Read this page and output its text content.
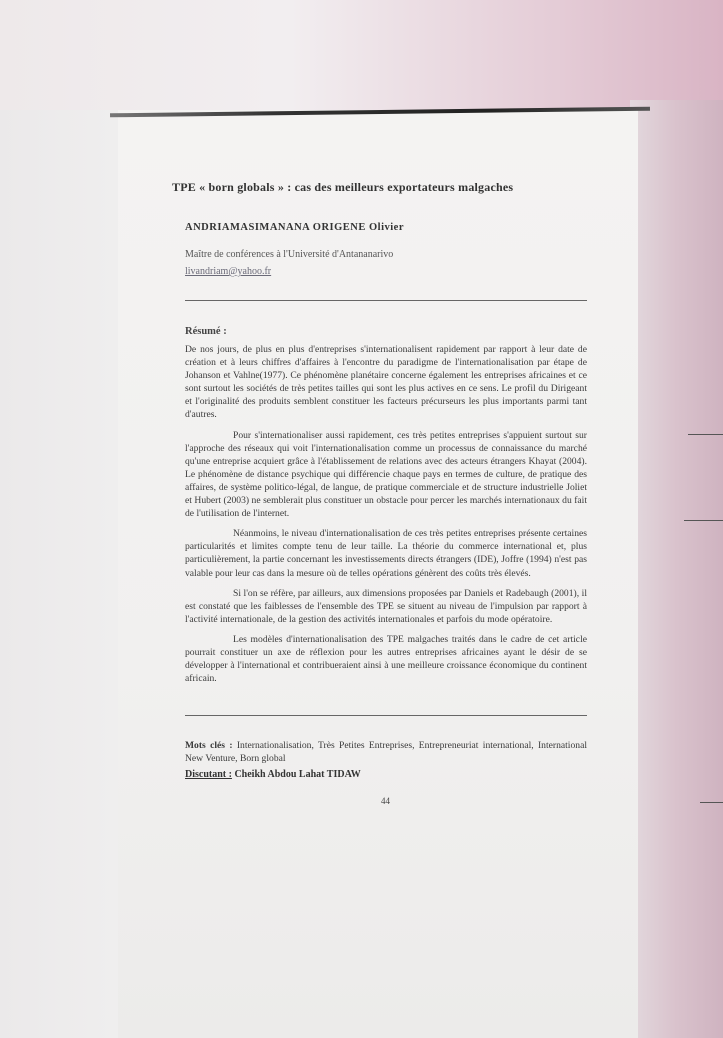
TPE « born globals » : cas des meilleurs exportateurs malgaches
ANDRIAMASIMANANA ORIGENE Olivier
Maître de conférences à l'Université d'Antananarivo
livandriam@yahoo.fr
Résumé :

De nos jours, de plus en plus d'entreprises s'internationalisent rapidement par rapport à leur date de création et à leurs chiffres d'affaires à l'encontre du paradigme de l'internationalisation par étape de Johanson et Vahlne(1977). Ce phénomène planétaire concerne également les entreprises africaines et ce sont surtout les sociétés de très petites tailles qui sont les plus actives en ce sens. Le profil du Dirigeant et l'originalité des produits semblent constituer les facteurs précurseurs les plus importants parmi tant d'autres.

Pour s'internationaliser aussi rapidement, ces très petites entreprises s'appuient surtout sur l'approche des réseaux qui voit l'internationalisation comme un processus de connaissance du marché qu'une entreprise acquiert grâce à l'établissement de relations avec des acteurs étrangers Khayat (2004). Le phénomène de distance psychique qui différencie chaque pays en termes de culture, de pratique des affaires, de système politico-légal, de langue, de pratique commerciale et de structure industrielle Joliet et Hubert (2003) ne semblerait plus constituer un obstacle pour percer les marchés internationaux du fait de l'utilisation de l'internet.

Néanmoins, le niveau d'internationalisation de ces très petites entreprises présente certaines particularités et limites compte tenu de leur taille. La théorie du commerce international et, plus particulièrement, la partie concernant les investissements directs étrangers (IDE), Joffre (1994) n'est pas valable pour leur cas dans la mesure où de telles opérations génèrent des coûts très élevés.

Si l'on se réfère, par ailleurs, aux dimensions proposées par Daniels et Radebaugh (2001), il est constaté que les faiblesses de l'ensemble des TPE se situent au niveau de l'impulsion par rapport à l'activité internationale, de la gestion des activités internationales et parfois du mode opératoire.

Les modèles d'internationalisation des TPE malgaches traités dans le cadre de cet article pourrait constituer un axe de réflexion pour les autres entreprises africaines ayant le désir de se développer à l'international et contribueraient ainsi à une meilleure croissance économique du continent africain.

Mots clés : Internationalisation, Très Petites Entreprises, Entrepreneuriat international, International New Venture, Born global
Discutant : Cheikh Abdou Lahat TIDAW
44
